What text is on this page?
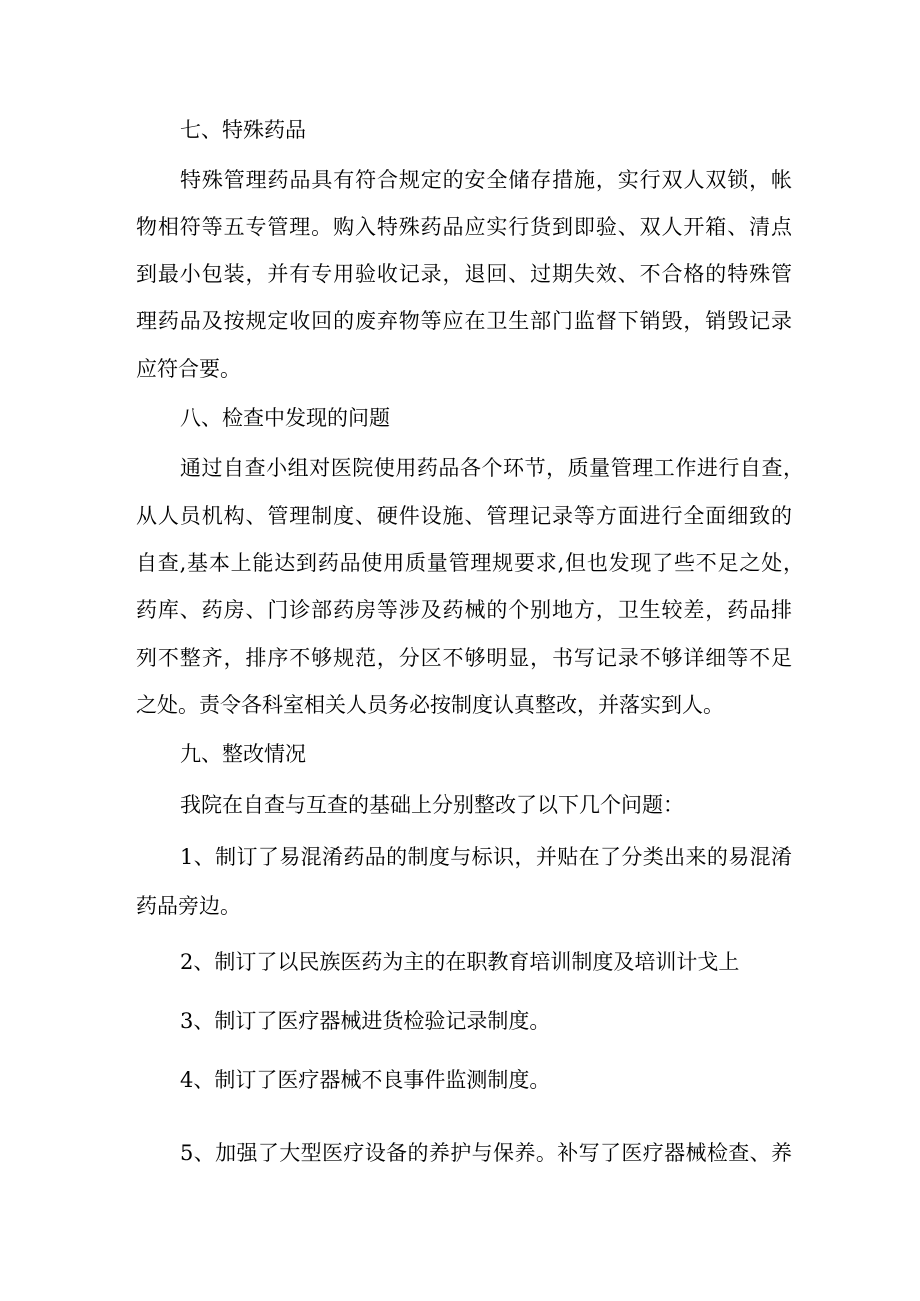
七、特殊药品

特殊管理药品具有符合规定的安全储存措施，实行双人双锁，帐

物相符等五专管理。购入特殊药品应实行货到即验、双人开箱、清点

到最小包装，并有专用验收记录，退回、过期失效、不合格的特殊管

理药品及按规定收回的废弃物等应在卫生部门监督下销毁，销毁记录

应符合要。

八、检查中发现的问题

通过自查小组对医院使用药品各个环节，质量管理工作进行自查，

从人员机构、管理制度、硬件设施、管理记录等方面进行全面细致的

自查,基本上能达到药品使用质量管理规要求,但也发现了些不足之处，

药库、药房、门诊部药房等涉及药械的个别地方，卫生较差，药品排

列不整齐，排序不够规范，分区不够明显，书写记录不够详细等不足

之处。责令各科室相关人员务必按制度认真整改，并落实到人。

九、整改情况

我院在自查与互查的基础上分别整改了以下几个问题：

1、制订了易混淆药品的制度与标识，并贴在了分类出来的易混淆

药品旁边。

2、制订了以民族医药为主的在职教育培训制度及培训计戈上

3、制订了医疗器械进货检验记录制度。

4、制订了医疗器械不良事件监测制度。

5、加强了大型医疗设备的养护与保养。补写了医疗器械检查、养
